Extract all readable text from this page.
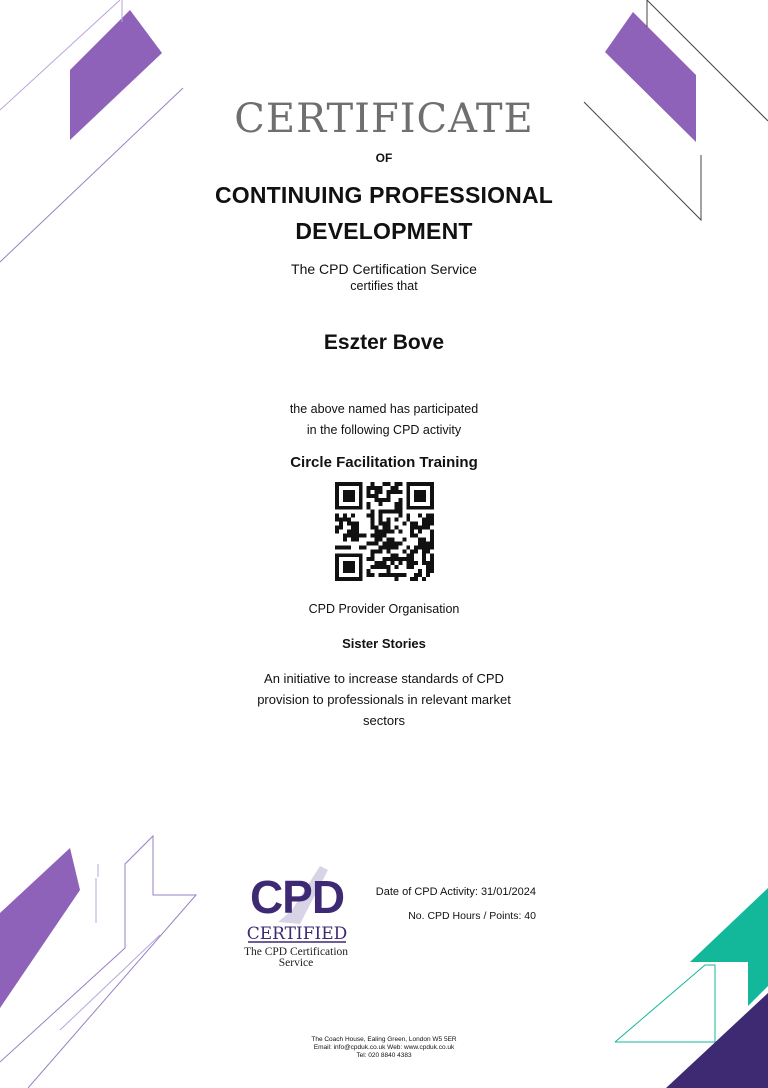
CERTIFICATE
OF
CONTINUING PROFESSIONAL
DEVELOPMENT
The CPD Certification Service
certifies that
Eszter Bove
the above named has participated
in the following CPD activity
Circle Facilitation Training
CPD Provider Organisation
Sister Stories
An initiative to increase standards of CPD
provision to professionals in relevant market
sectors
CPD
CERTIFIED
The CPD Certification
Service
Date of CPD Activity: 31/01/2024
No. CPD Hours / Points: 40
The Coach House, Ealing Green, London W5 5ER
Email: info@cpduk.co.uk Web: www.cpduk.co.uk
Tel: 020 8840 4383
